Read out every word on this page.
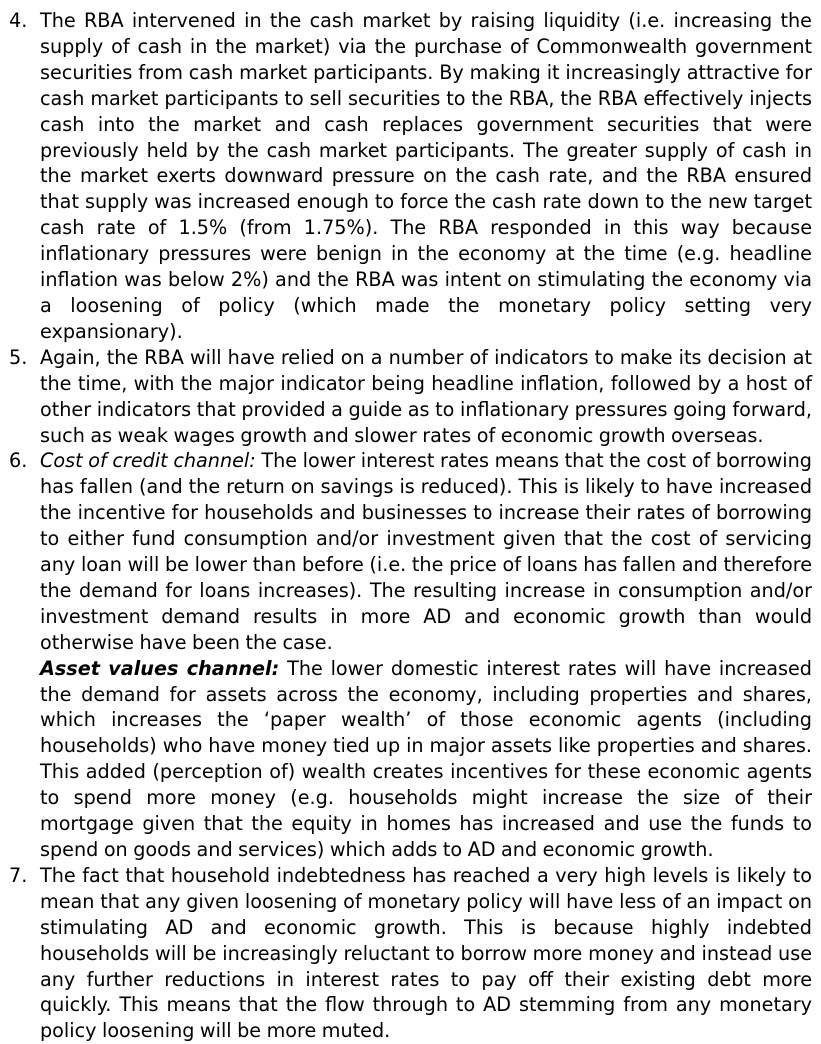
4. The RBA intervened in the cash market by raising liquidity (i.e. increasing the supply of cash in the market) via the purchase of Commonwealth government securities from cash market participants. By making it increasingly attractive for cash market participants to sell securities to the RBA, the RBA effectively injects cash into the market and cash replaces government securities that were previously held by the cash market participants. The greater supply of cash in the market exerts downward pressure on the cash rate, and the RBA ensured that supply was increased enough to force the cash rate down to the new target cash rate of 1.5% (from 1.75%). The RBA responded in this way because inflationary pressures were benign in the economy at the time (e.g. headline inflation was below 2%) and the RBA was intent on stimulating the economy via a loosening of policy (which made the monetary policy setting very expansionary).

5. Again, the RBA will have relied on a number of indicators to make its decision at the time, with the major indicator being headline inflation, followed by a host of other indicators that provided a guide as to inflationary pressures going forward, such as weak wages growth and slower rates of economic growth overseas.

6. Cost of credit channel: The lower interest rates means that the cost of borrowing has fallen (and the return on savings is reduced). This is likely to have increased the incentive for households and businesses to increase their rates of borrowing to either fund consumption and/or investment given that the cost of servicing any loan will be lower than before (i.e. the price of loans has fallen and therefore the demand for loans increases). The resulting increase in consumption and/or investment demand results in more AD and economic growth than would otherwise have been the case.

Asset values channel: The lower domestic interest rates will have increased the demand for assets across the economy, including properties and shares, which increases the ‘paper wealth’ of those economic agents (including households) who have money tied up in major assets like properties and shares. This added (perception of) wealth creates incentives for these economic agents to spend more money (e.g. households might increase the size of their mortgage given that the equity in homes has increased and use the funds to spend on goods and services) which adds to AD and economic growth.

7. The fact that household indebtedness has reached a very high levels is likely to mean that any given loosening of monetary policy will have less of an impact on stimulating AD and economic growth. This is because highly indebted households will be increasingly reluctant to borrow more money and instead use any further reductions in interest rates to pay off their existing debt more quickly. This means that the flow through to AD stemming from any monetary policy loosening will be more muted.
